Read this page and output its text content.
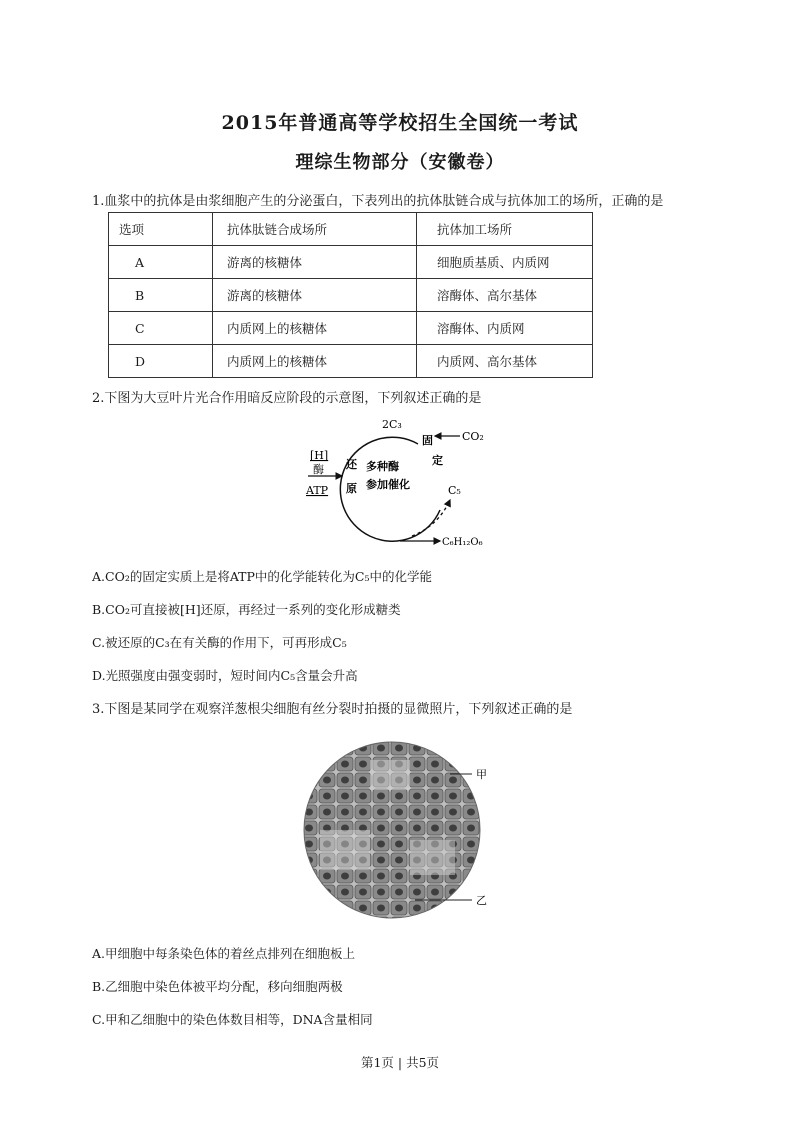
2015年普通高等学校招生全国统一考试
理综生物部分（安徽卷）
1.血浆中的抗体是由浆细胞产生的分泌蛋白，下表列出的抗体肽链合成与抗体加工的场所，正确的是
选项	抗体肽链合成场所	抗体加工场所
A	游离的核糖体	细胞质基质、内质网
B	游离的核糖体	溶酶体、高尔基体
C	内质网上的核糖体	溶酶体、内质网
D	内质网上的核糖体	内质网、高尔基体
2.下图为大豆叶片光合作用暗反应阶段的示意图，下列叙述正确的是
2C₃
CO₂
C₅
C₆H₁₂O₆
[H]
酶
ATP
固
定
还
原
多种酶
参加催化
A.CO₂的固定实质上是将ATP中的化学能转化为C₅中的化学能
B.CO₂可直接被[H]还原，再经过一系列的变化形成糖类
C.被还原的C₃在有关酶的作用下，可再形成C₅
D.光照强度由强变弱时，短时间内C₅含量会升高
3.下图是某同学在观察洋葱根尖细胞有丝分裂时拍摄的显微照片，下列叙述正确的是
甲
乙
A.甲细胞中每条染色体的着丝点排列在细胞板上
B.乙细胞中染色体被平均分配，移向细胞两极
C.甲和乙细胞中的染色体数目相等，DNA含量相同
第1页 | 共5页
